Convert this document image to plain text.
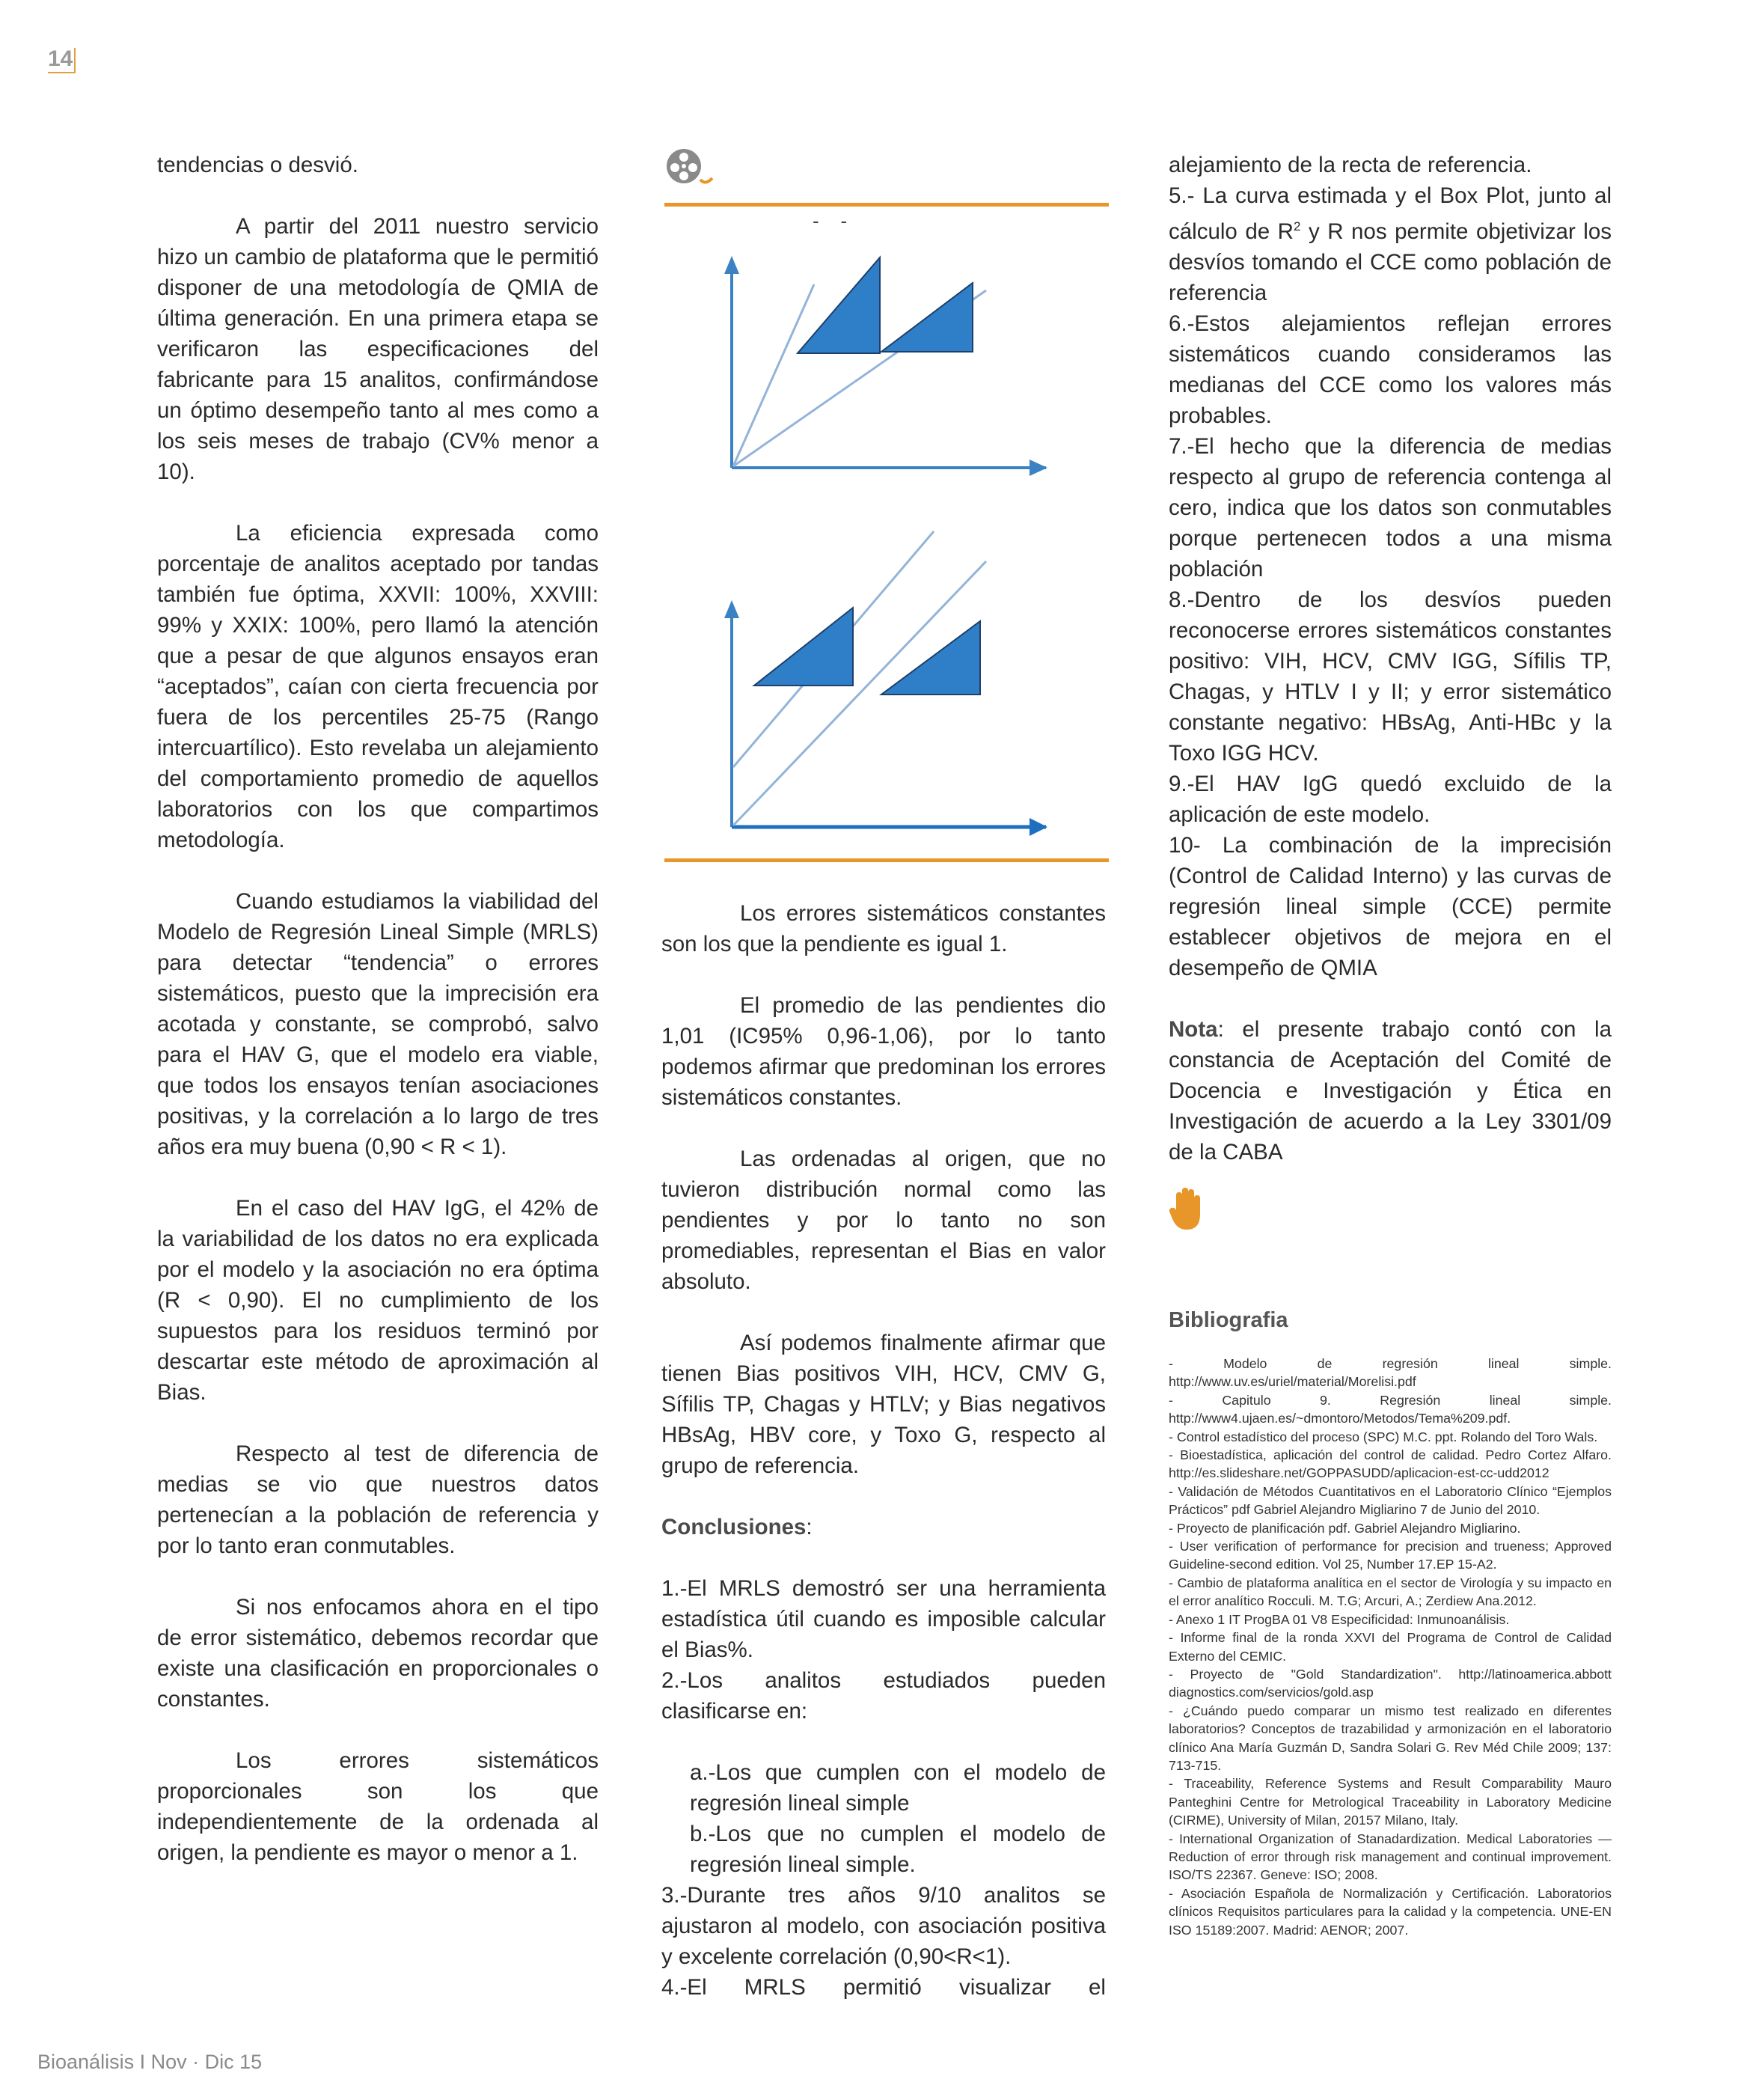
14

tendencias o desvió.

A partir del 2011 nuestro servicio hizo un cambio de plataforma que le permitió disponer de una metodología de QMIA de última generación. En una primera etapa se verificaron las especificaciones del fabricante para 15 analitos, confirmándose un óptimo desempeño tanto al mes como a los seis meses de trabajo (CV% menor a 10).

La eficiencia expresada como porcentaje de analitos aceptado por tandas también fue óptima, XXVII: 100%, XXVIII: 99% y XXIX: 100%, pero llamó la atención que a pesar de que algunos ensayos eran “aceptados”, caían con cierta frecuencia por fuera de los percentiles 25-75 (Rango intercuartílico). Esto revelaba un alejamiento del comportamiento promedio de aquellos laboratorios con los que compartimos metodología.

Cuando estudiamos la viabilidad del Modelo de Regresión Lineal Simple (MRLS) para detectar “tendencia” o errores sistemáticos, puesto que la imprecisión era acotada y constante, se comprobó, salvo para el HAV G, que el modelo era viable, que todos los ensayos tenían asociaciones positivas, y la correlación a lo largo de tres años era muy buena (0,90 < R < 1).

En el caso del HAV IgG, el 42% de la variabilidad de los datos no era explicada por el modelo y la asociación no era óptima (R < 0,90). El no cumplimiento de los supuestos para los residuos terminó por descartar este método de aproximación al Bias.

Respecto al test de diferencia de medias se vio que nuestros datos pertenecían a la población de referencia y por lo tanto eran conmutables.

Si nos enfocamos ahora en el tipo de error sistemático, debemos recordar que existe una clasificación en proporcionales o constantes.

Los errores sistemáticos proporcionales son los que independientemente de la ordenada al origen, la pendiente es mayor o menor a 1.

-    -

Los errores sistemáticos constantes son los que la pendiente es igual 1.

El promedio de las pendientes dio 1,01 (IC95% 0,96-1,06), por lo tanto podemos afirmar que predominan los errores sistemáticos constantes.

Las ordenadas al origen, que no tuvieron distribución normal como las pendientes y por lo tanto no son promediables, representan el Bias en valor absoluto.

Así podemos finalmente afirmar que tienen Bias positivos VIH, HCV, CMV G, Sífilis TP, Chagas y HTLV; y Bias negativos HBsAg, HBV core, y Toxo G, respecto al grupo de referencia.

Conclusiones:

1.-El MRLS demostró ser una herramienta estadística útil cuando es imposible calcular el Bias%.

2.-Los analitos estudiados pueden clasificarse en:

a.-Los que cumplen con el modelo de regresión lineal simple

b.-Los que no cumplen el modelo de regresión lineal simple.

3.-Durante tres años 9/10 analitos se ajustaron al modelo, con asociación positiva y excelente correlación (0,90<R<1).

4.-El MRLS permitió visualizar el

alejamiento de la recta de referencia.

5.- La curva estimada y el Box Plot, junto al cálculo de $R^2$ y R nos permite objetivizar los desvíos tomando el CCE como población de referencia

6.-Estos alejamientos reflejan errores sistemáticos cuando consideramos las medianas del CCE como los valores más probables.

7.-El hecho que la diferencia de medias respecto al grupo de referencia contenga al cero, indica que los datos son conmutables porque pertenecen todos a una misma población

8.-Dentro de los desvíos pueden reconocerse errores sistemáticos constantes positivo: VIH, HCV, CMV IGG, Sífilis TP, Chagas, y HTLV I y II; y error sistemático constante negativo: HBsAg, Anti-HBc y la Toxo IGG HCV.

9.-El HAV IgG quedó excluido de la aplicación de este modelo.

10- La combinación de la imprecisión (Control de Calidad Interno) y las curvas de regresión lineal simple (CCE) permite establecer objetivos de mejora en el desempeño de QMIA

Nota: el presente trabajo contó con la constancia de Aceptación del Comité de Docencia e Investigación y Ética en Investigación de acuerdo a la Ley 3301/09 de la CABA

Bibliografia
- Modelo de regresión lineal simple. http://www.uv.es/uriel/material/Morelisi.pdf
- Capitulo 9. Regresión lineal simple. http://www4.ujaen.es/~dmontoro/Metodos/Tema%209.pdf.
- Control estadístico del proceso (SPC) M.C. ppt. Rolando del Toro Wals.
- Bioestadística, aplicación del control de calidad. Pedro Cortez Alfaro. http://es.slideshare.net/GOPPASUDD/aplicacion-est-cc-udd2012
- Validación de Métodos Cuantitativos en el Laboratorio Clínico “Ejemplos Prácticos” pdf Gabriel Alejandro Migliarino 7 de Junio del 2010.
- Proyecto de planificación pdf. Gabriel Alejandro Migliarino.
- User verification of performance for precision and trueness; Approved Guideline-second edition. Vol 25, Number 17.EP 15-A2.
- Cambio de plataforma analítica en el sector de Virología y su impacto en el error analítico Rocculi. M. T.G; Arcuri, A.; Zerdiew Ana.2012.
- Anexo 1 IT ProgBA 01 V8 Especificidad: Inmunoanálisis.
- Informe final de la ronda XXVI del Programa de Control de Calidad Externo del CEMIC.
- Proyecto de "Gold Standardization". http://latinoamerica.abbott diagnostics.com/servicios/gold.asp
- ¿Cuándo puedo comparar un mismo test realizado en diferentes laboratorios? Conceptos de trazabilidad y armonización en el laboratorio clínico Ana María Guzmán D, Sandra Solari G. Rev Méd Chile 2009; 137: 713-715.
- Traceability, Reference Systems and Result Comparability Mauro Panteghini Centre for Metrological Traceability in Laboratory Medicine (CIRME), University of Milan, 20157 Milano, Italy.
- International Organization of Stanadardization. Medical Laboratories — Reduction of error through risk management and continual improvement. ISO/TS 22367. Geneve: ISO; 2008.
- Asociación Española de Normalización y Certificación. Laboratorios clínicos Requisitos particulares para la calidad y la competencia. UNE-EN ISO 15189:2007. Madrid: AENOR; 2007.
Bioanálisis I Nov · Dic 15
